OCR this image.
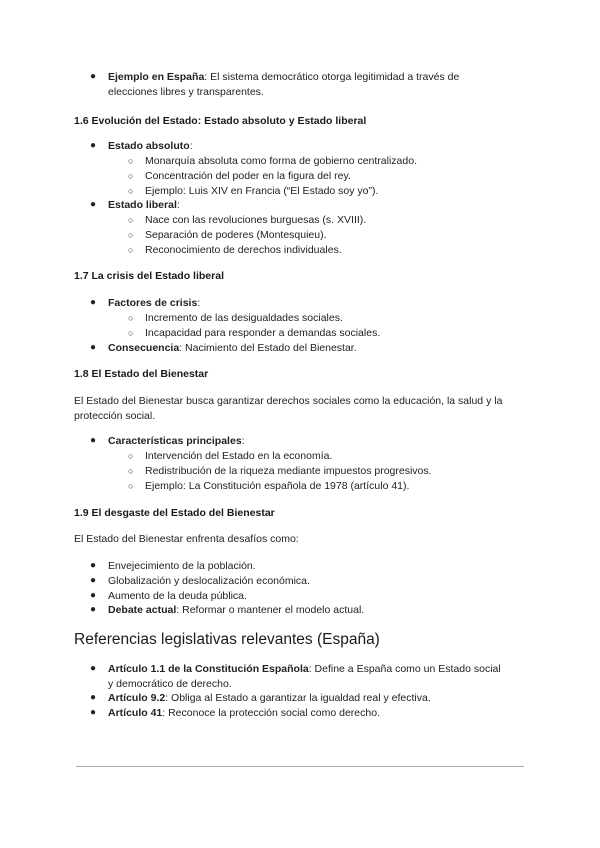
● Ejemplo en España: El sistema democrático otorga legitimidad a través de
elecciones libres y transparentes.
1.6 Evolución del Estado: Estado absoluto y Estado liberal
● Estado absoluto:
○ Monarquía absoluta como forma de gobierno centralizado.
○ Concentración del poder en la figura del rey.
○ Ejemplo: Luis XIV en Francia (“El Estado soy yo”).
● Estado liberal:
○ Nace con las revoluciones burguesas (s. XVIII).
○ Separación de poderes (Montesquieu).
○ Reconocimiento de derechos individuales.
1.7 La crisis del Estado liberal
● Factores de crisis:
○ Incremento de las desigualdades sociales.
○ Incapacidad para responder a demandas sociales.
● Consecuencia: Nacimiento del Estado del Bienestar.
1.8 El Estado del Bienestar
El Estado del Bienestar busca garantizar derechos sociales como la educación, la salud y la
protección social.
● Características principales:
○ Intervención del Estado en la economía.
○ Redistribución de la riqueza mediante impuestos progresivos.
○ Ejemplo: La Constitución española de 1978 (artículo 41).
1.9 El desgaste del Estado del Bienestar
El Estado del Bienestar enfrenta desafíos como:
● Envejecimiento de la población.
● Globalización y deslocalización económica.
● Aumento de la deuda pública.
● Debate actual: Reformar o mantener el modelo actual.
Referencias legislativas relevantes (España)
● Artículo 1.1 de la Constitución Española: Define a España como un Estado social
y democrático de derecho.
● Artículo 9.2: Obliga al Estado a garantizar la igualdad real y efectiva.
● Artículo 41: Reconoce la protección social como derecho.
